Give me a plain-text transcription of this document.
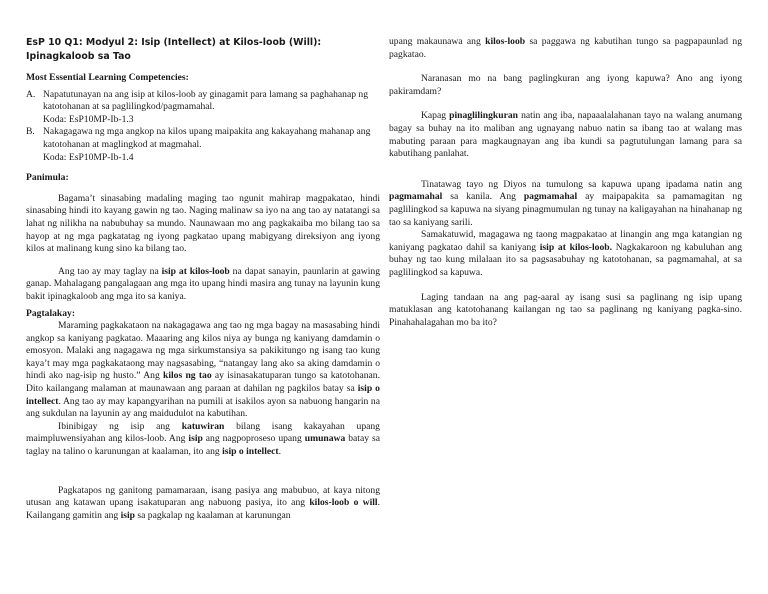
EsP 10 Q1: Modyul 2: Isip (Intellect) at Kilos-loob (Will):
Ipinagkaloob sa Tao
Most Essential Learning Competencies:
A. Napatutunayan na ang isip at kilos-loob ay ginagamit para lamang sa paghahanap ng katotohanan at sa paglilingkod/pagmamahal.
Koda: EsP10MP-Ib-1.3
B. Nakagagawa ng mga angkop na kilos upang maipakita ang kakayahang mahanap ang katotohanan at maglingkod at magmahal.
Koda: EsP10MP-Ib-1.4
Panimula:

Bagama’t sinasabing madaling maging tao ngunit mahirap magpakatao, hindi sinasabing hindi ito kayang gawin ng tao. Naging malinaw sa iyo na ang tao ay natatangi sa lahat ng nilikha na nabubuhay sa mundo. Naunawaan mo ang pagkakaiba mo bilang tao sa hayop at ng mga pagkatatag ng iyong pagkatao upang mabigyang direksiyon ang iyong kilos at malinang kung sino ka bilang tao.

Ang tao ay may taglay na isip at kilos-loob na dapat sanayin, paunlarin at gawing ganap. Mahalagang pangalagaan ang mga ito upang hindi masira ang tunay na layunin kung bakit ipinagkaloob ang mga ito sa kaniya.

Pagtalakay:

Maraming pagkakataon na nakagagawa ang tao ng mga bagay na masasabing hindi angkop sa kaniyang pagkatao. Maaaring ang kilos niya ay bunga ng kaniyang damdamin o emosyon. Malaki ang nagagawa ng mga sirkumstansiya sa pakikitungo ng isang tao kung kaya’t may mga pagkakataong may nagsasabing, “natangay lang ako sa aking damdamin o hindi ako nag-isip ng husto.” Ang kilos ng tao ay isinasakatuparan tungo sa katotohanan. Dito kailangang malaman at maunawaan ang paraan at dahilan ng pagkilos batay sa isip o intellect. Ang tao ay may kapangyarihan na pumili at isakilos ayon sa nabuong hangarin na ang sukdulan na layunin ay ang maidudulot na kabutihan.

Ibinibigay ng isip ang katuwiran bilang isang kakayahan upang maimpluwensiyahan ang kilos-loob. Ang isip ang nagpoproseso upang umunawa batay sa taglay na talino o karunungan at kaalaman, ito ang isip o intellect.

Pagkatapos ng ganitong pamamaraan, isang pasiya ang mabubuo, at kaya nitong utusan ang katawan upang isakatuparan ang nabuong pasiya, ito ang kilos-loob o will. Kailangang gamitin ang isip sa pagkalap ng kaalaman at karunungan

upang makaunawa ang kilos-loob sa paggawa ng kabutihan tungo sa pagpapaunlad ng pagkatao.

Naranasan mo na bang paglingkuran ang iyong kapuwa? Ano ang iyong pakiramdam?

Kapag pinaglilingkuran natin ang iba, napaaalalahanan tayo na walang anumang bagay sa buhay na ito maliban ang ugnayang nabuo natin sa ibang tao at walang mas mabuting paraan para magkaugnayan ang iba kundi sa pagtutulungan lamang para sa kabutihang panlahat.

Tinatawag tayo ng Diyos na tumulong sa kapuwa upang ipadama natin ang pagmamahal sa kanila. Ang pagmamahal ay maipapakita sa pamamagitan ng paglilingkod sa kapuwa na siyang pinagmumulan ng tunay na kaligayahan na hinahanap ng tao sa kaniyang sarili.

Samakatuwid, magagawa ng taong magpakatao at linangin ang mga katangian ng kaniyang pagkatao dahil sa kaniyang isip at kilos-loob. Nagkakaroon ng kabuluhan ang buhay ng tao kung milalaan ito sa pagsasabuhay ng katotohanan, sa pagmamahal, at sa paglilingkod sa kapuwa.

Laging tandaan na ang pag-aaral ay isang susi sa paglinang ng isip upang matuklasan ang katotohanang kailangan ng tao sa paglinang ng kaniyang pagka-sino. Pinahahalagahan mo ba ito?
